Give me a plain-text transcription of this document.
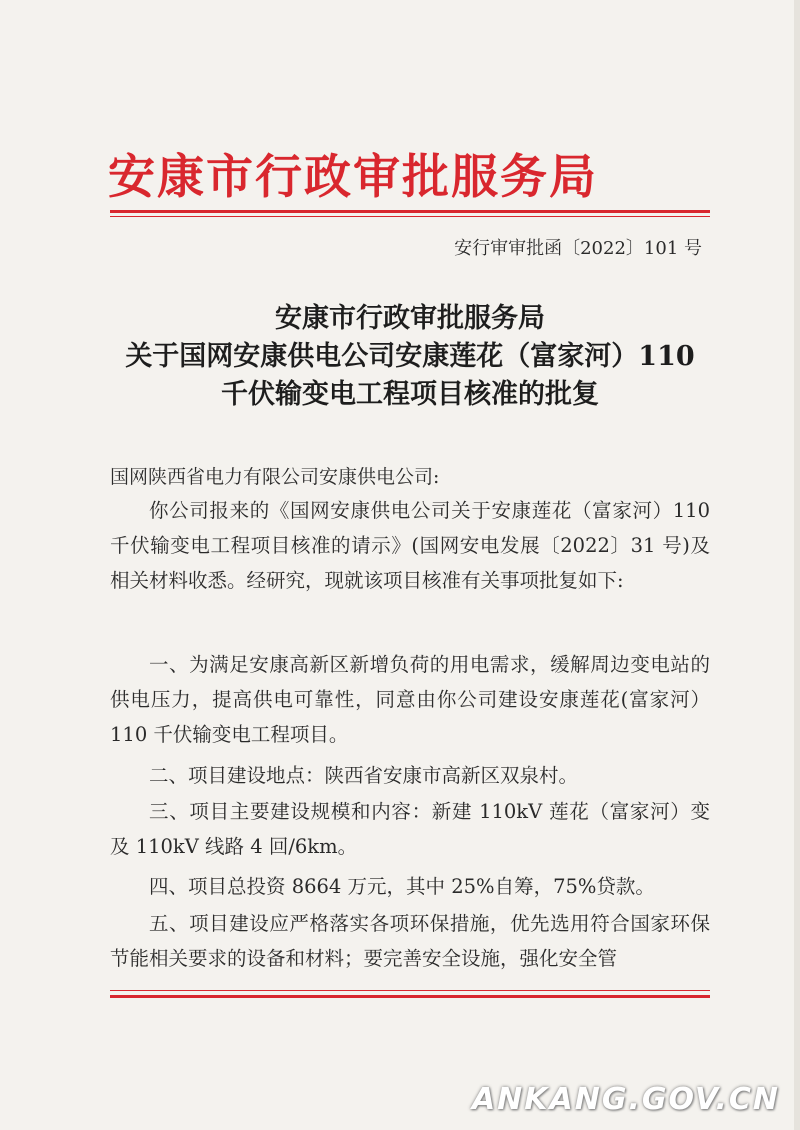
安康市行政审批服务局
安行审审批函〔2022〕101 号
安康市行政审批服务局
关于国网安康供电公司安康莲花（富家河）110
千伏输变电工程项目核准的批复
国网陕西省电力有限公司安康供电公司:

你公司报来的《国网安康供电公司关于安康莲花（富家河）110 千伏输变电工程项目核准的请示》(国网安电发展〔2022〕31 号)及相关材料收悉。经研究，现就该项目核准有关事项批复如下:

一、为满足安康高新区新增负荷的用电需求，缓解周边变电站的供电压力，提高供电可靠性，同意由你公司建设安康莲花(富家河）110 千伏输变电工程项目。

二、项目建设地点：陕西省安康市高新区双泉村。

三、项目主要建设规模和内容：新建 110kV 莲花（富家河）变及 110kV 线路 4 回/6km。

四、项目总投资 8664 万元，其中 25%自筹，75%贷款。

五、项目建设应严格落实各项环保措施，优先选用符合国家环保节能相关要求的设备和材料；要完善安全设施，强化安全管

ANKANG.GOV.CN
